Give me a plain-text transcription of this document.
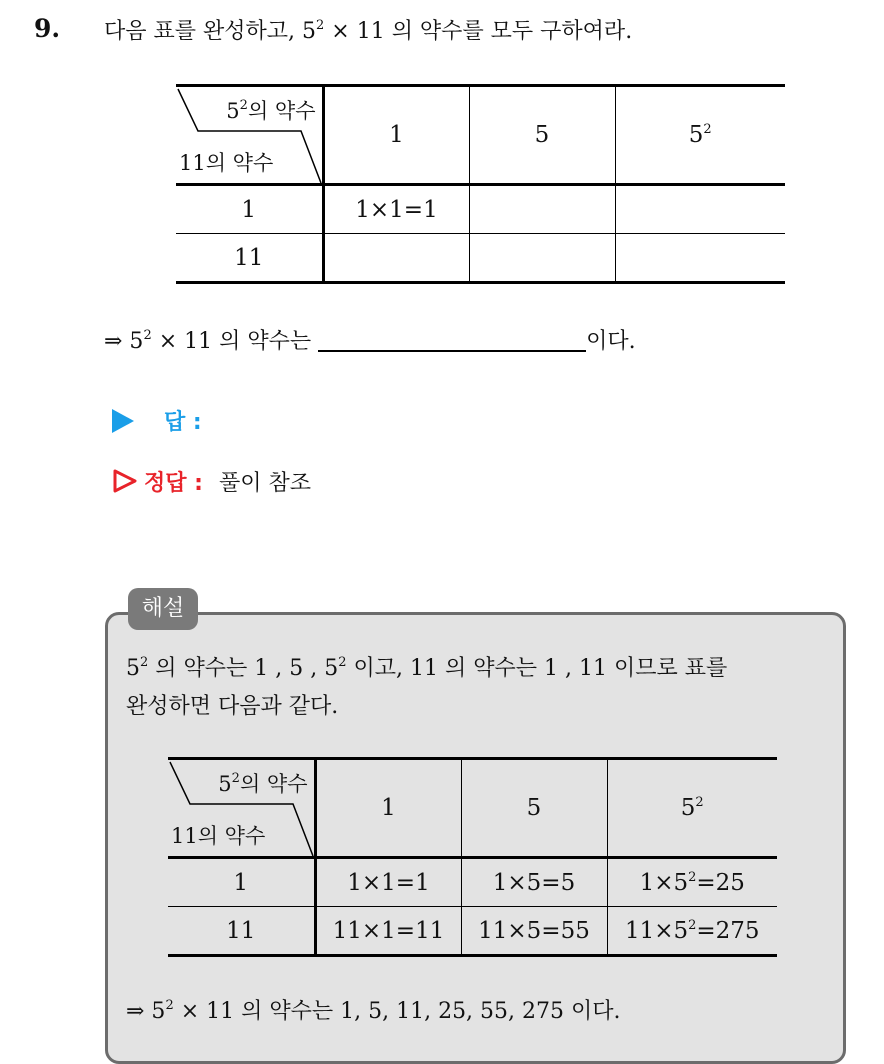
9. 다음 표를 완성하고, $5^2 \times 11$ 의 약수를 모두 구하여라.
$5^2$의 약수
11의 약수	1	5	$5^2$
1	1×1=1		
11			
⇒ $5^2 \times 11$ 의 약수는	이다.
답 :
정답 : 풀이 참조
해설
$5^2$ 의 약수는 1 , 5 , $5^2$ 이고, 11 의 약수는 1 , 11 이므로 표를
완성하면 다음과 같다.
$5^2$의 약수
11의 약수	1	5	$5^2$
1	1×1=1	1×5=5	$1\times 5^2=25$
11	11×1=11	11×5=55	$11\times 5^2=275$
⇒ $5^2 \times 11$ 의 약수는 1, 5, 11, 25, 55, 275 이다.
